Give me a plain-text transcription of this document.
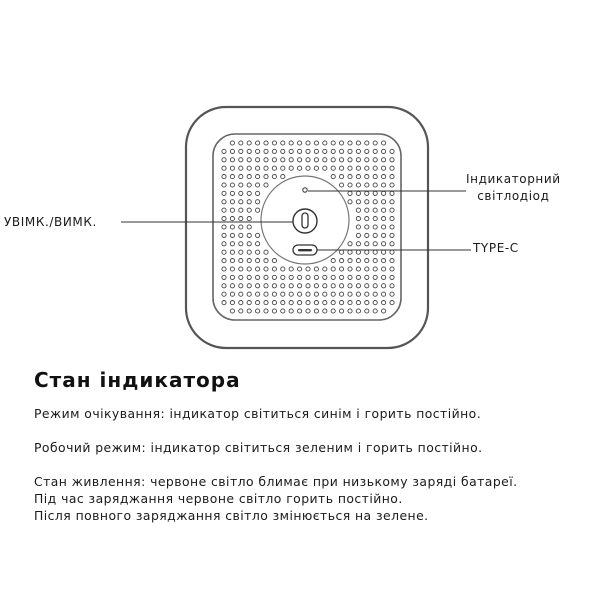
УВІМК./ВИМК.
Індикаторний
світлодіод
TYPE-C
Стан індикатора

Режим очікування: індикатор світиться синім і горить постійно.

Робочий режим: індикатор світиться зеленим і горить постійно.

Стан живлення: червоне світло блимає при низькому заряді батареї.
Під час заряджання червоне світло горить постійно.
Після повного заряджання світло змінюється на зелене.
